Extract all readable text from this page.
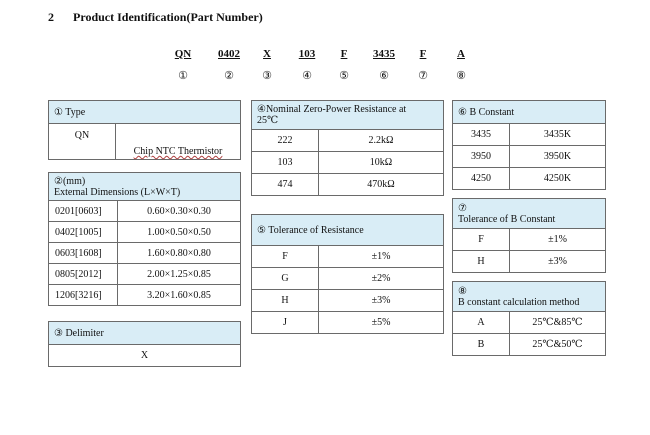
2 Product Identification(Part Number)
QN	0402	X	103	F	3435	F	A
①	②	③	④	⑤	⑥	⑦	⑧
① Type
QN	Chip NTC Thermistor
②(mm)
External Dimensions (L×W×T)	

0201[0603]	0.60×0.30×0.30
0402[1005]	1.00×0.50×0.50
0603[1608]	1.60×0.80×0.80
0805[2012]	2.00×1.25×0.85
1206[3216]	3.20×1.60×0.85
③ Delimiter
X
④Nominal Zero-Power Resistance at
25℃	

222	2.2kΩ
103	10kΩ
474	470kΩ
⑤ Tolerance of Resistance	
F	±1%
G	±2%
H	±3%
J	±5%
⑥ B Constant	
3435	3435K
3950	3950K
4250	4250K
⑦
Tolerance of B Constant	

F	±1%
H	±3%
⑧
B constant calculation method	

A	25℃&85℃
B	25℃&50℃
